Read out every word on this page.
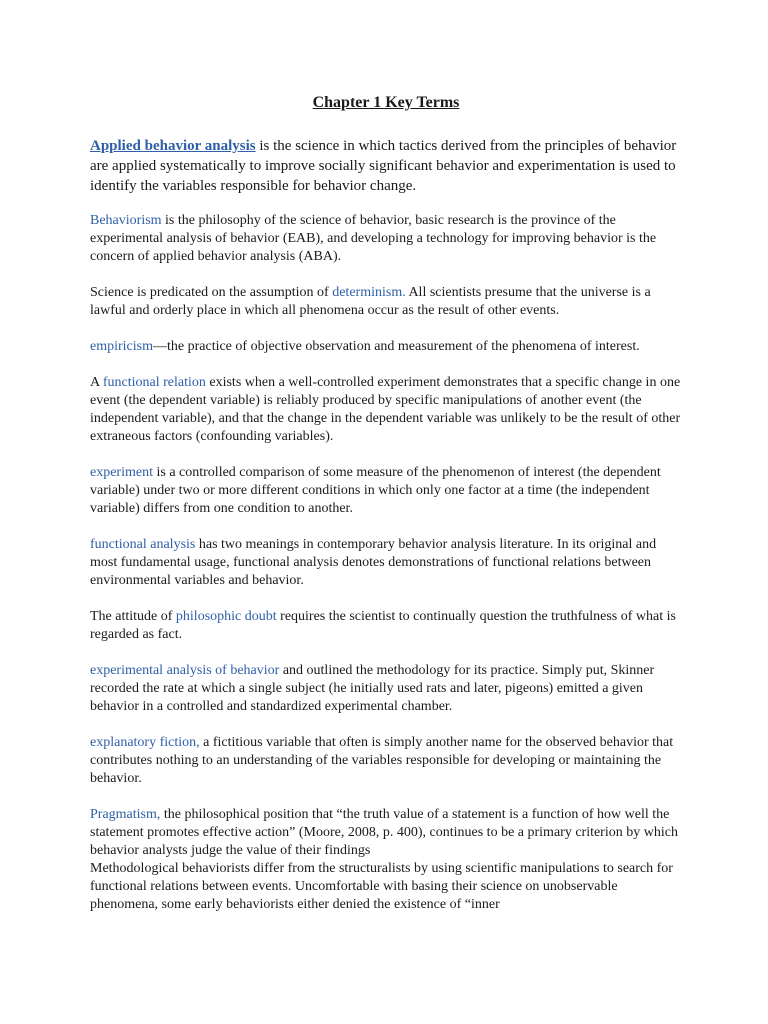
Chapter 1 Key Terms

Applied behavior analysis is the science in which tactics derived from the principles of behavior are applied systematically to improve socially significant behavior and experimentation is used to identify the variables responsible for behavior change.

Behaviorism is the philosophy of the science of behavior, basic research is the province of the experimental analysis of behavior (EAB), and developing a technology for improving behavior is the concern of applied behavior analysis (ABA).

Science is predicated on the assumption of determinism. All scientists presume that the universe is a lawful and orderly place in which all phenomena occur as the result of other events.

empiricism—the practice of objective observation and measurement of the phenomena of interest.

A functional relation exists when a well-controlled experiment demonstrates that a specific change in one event (the dependent variable) is reliably produced by specific manipulations of another event (the independent variable), and that the change in the dependent variable was unlikely to be the result of other extraneous factors (confounding variables).

experiment is a controlled comparison of some measure of the phenomenon of interest (the dependent variable) under two or more different conditions in which only one factor at a time (the independent variable) differs from one condition to another.

functional analysis has two meanings in contemporary behavior analysis literature. In its original and most fundamental usage, functional analysis denotes demonstrations of functional relations between environmental variables and behavior.

The attitude of philosophic doubt requires the scientist to continually question the truthfulness of what is regarded as fact.

experimental analysis of behavior and outlined the methodology for its practice. Simply put, Skinner recorded the rate at which a single subject (he initially used rats and later, pigeons) emitted a given behavior in a controlled and standardized experimental chamber.

explanatory fiction, a fictitious variable that often is simply another name for the observed behavior that contributes nothing to an understanding of the variables responsible for developing or maintaining the behavior.

Pragmatism, the philosophical position that “the truth value of a statement is a function of how well the statement promotes effective action” (Moore, 2008, p. 400), continues to be a primary criterion by which behavior analysts judge the value of their findings

Methodological behaviorists differ from the structuralists by using scientific manipulations to search for functional relations between events. Uncomfortable with basing their science on unobservable phenomena, some early behaviorists either denied the existence of “inner
